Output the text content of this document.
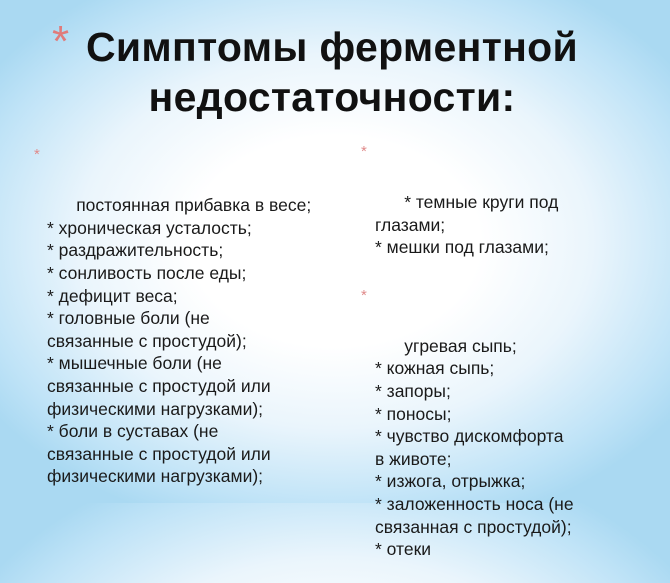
* Симптомы ферментной
недостаточности:

*

постоянная прибавка в весе;
* хроническая усталость;
* раздражительность;
* сонливость после еды;
* дефицит веса;
* головные боли (не
связанные с простудой);
* мышечные боли (не
связанные с простудой или
физическими нагрузками);
* боли в суставах (не
связанные с простудой или
физическими нагрузками);

*

* темные круги под
глазами;
* мешки под глазами;

*

угревая сыпь;
* кожная сыпь;
* запоры;
* поносы;
* чувство дискомфорта
в животе;
* изжога, отрыжка;
* заложенность носа (не
связанная с простудой);
* отеки
